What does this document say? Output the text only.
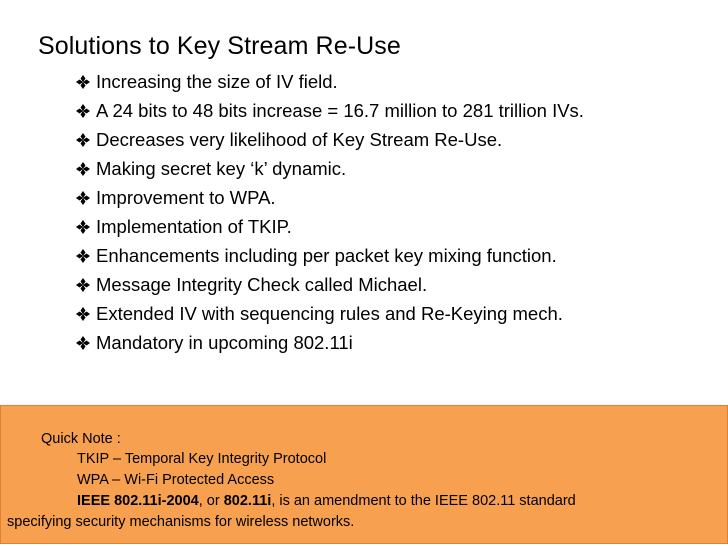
Solutions to Key Stream Re-Use
Increasing the size of IV field.
A 24 bits to 48 bits increase = 16.7 million to 281 trillion IVs.
Decreases very likelihood of Key Stream Re-Use.
Making secret key ‘k’ dynamic.
Improvement to WPA.
Implementation of TKIP.
Enhancements including per packet key mixing function.
Message Integrity Check called Michael.
Extended IV with sequencing rules and Re-Keying mech.
Mandatory in upcoming 802.11i
Quick Note :
TKIP – Temporal Key Integrity Protocol
WPA – Wi-Fi Protected Access
IEEE 802.11i-2004, or 802.11i, is an amendment to the IEEE 802.11 standard
specifying security mechanisms for wireless networks.
